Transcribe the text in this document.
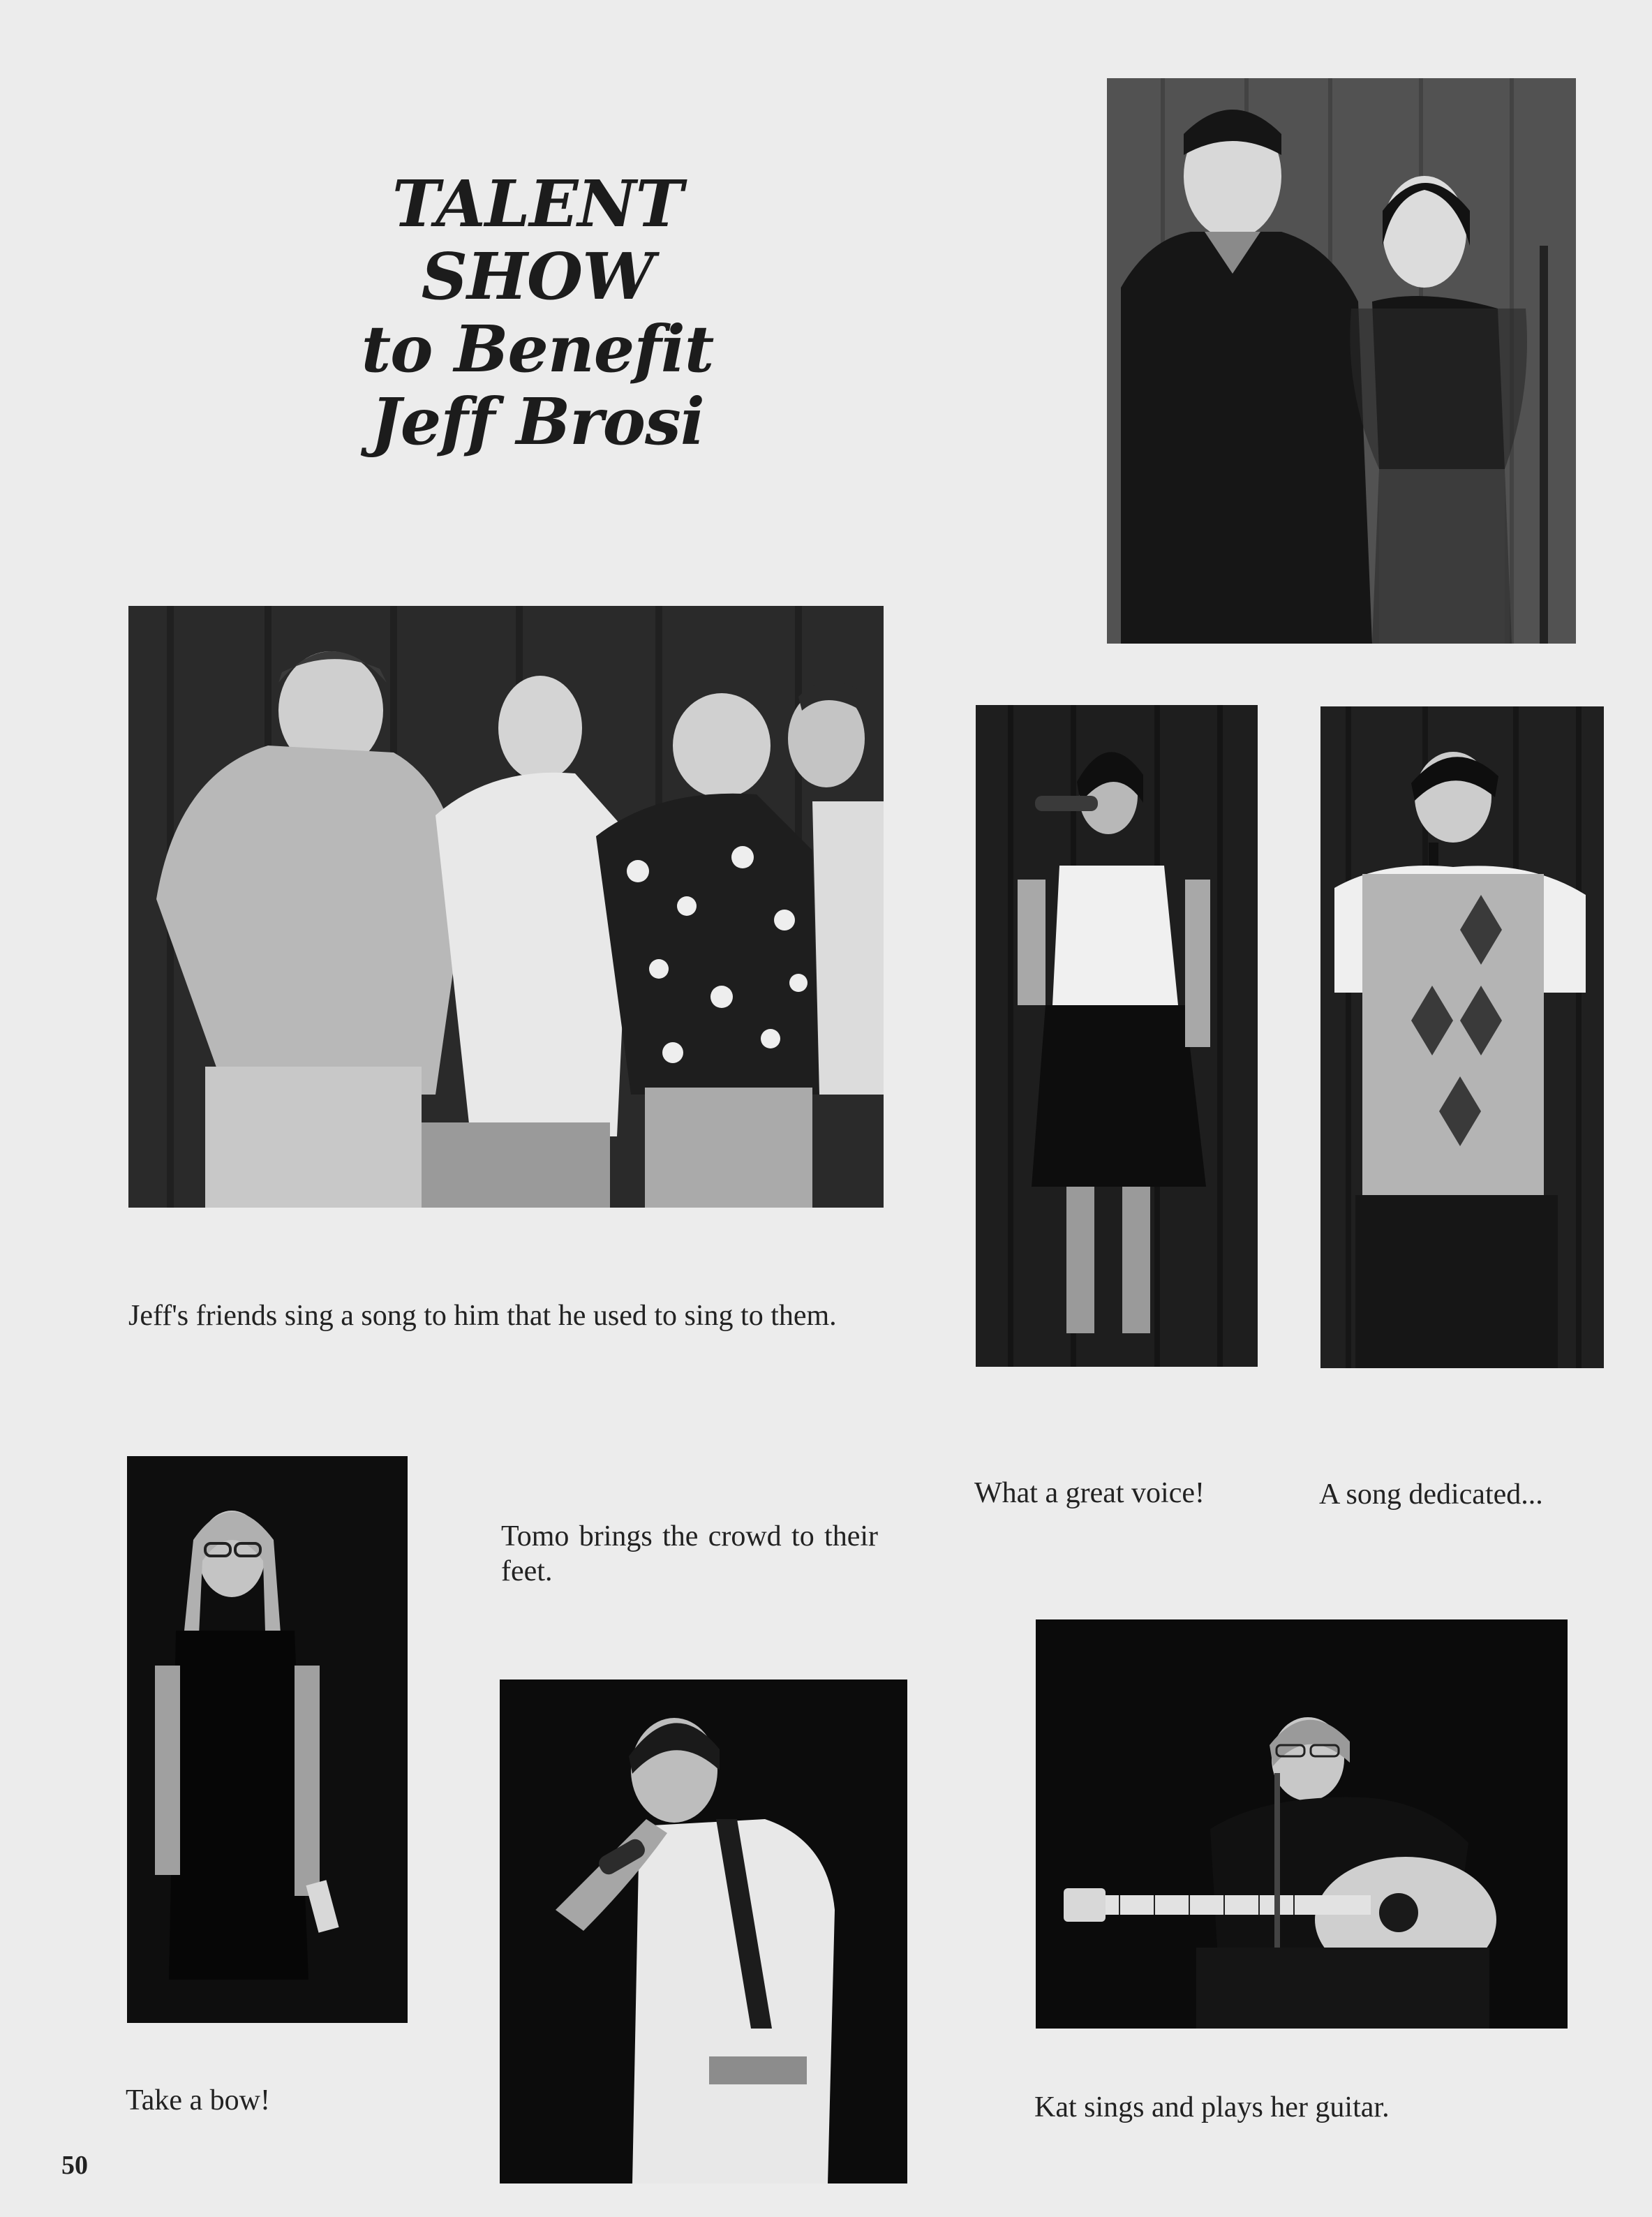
TALENT
SHOW
to Benefit
Jeff Brosi
Jeff's friends sing a song to him that he used to sing to them.
What a great voice!	A song dedicated...
Tomo brings the crowd to their feet.
Take a bow!	Kat sings and plays her guitar.
50
